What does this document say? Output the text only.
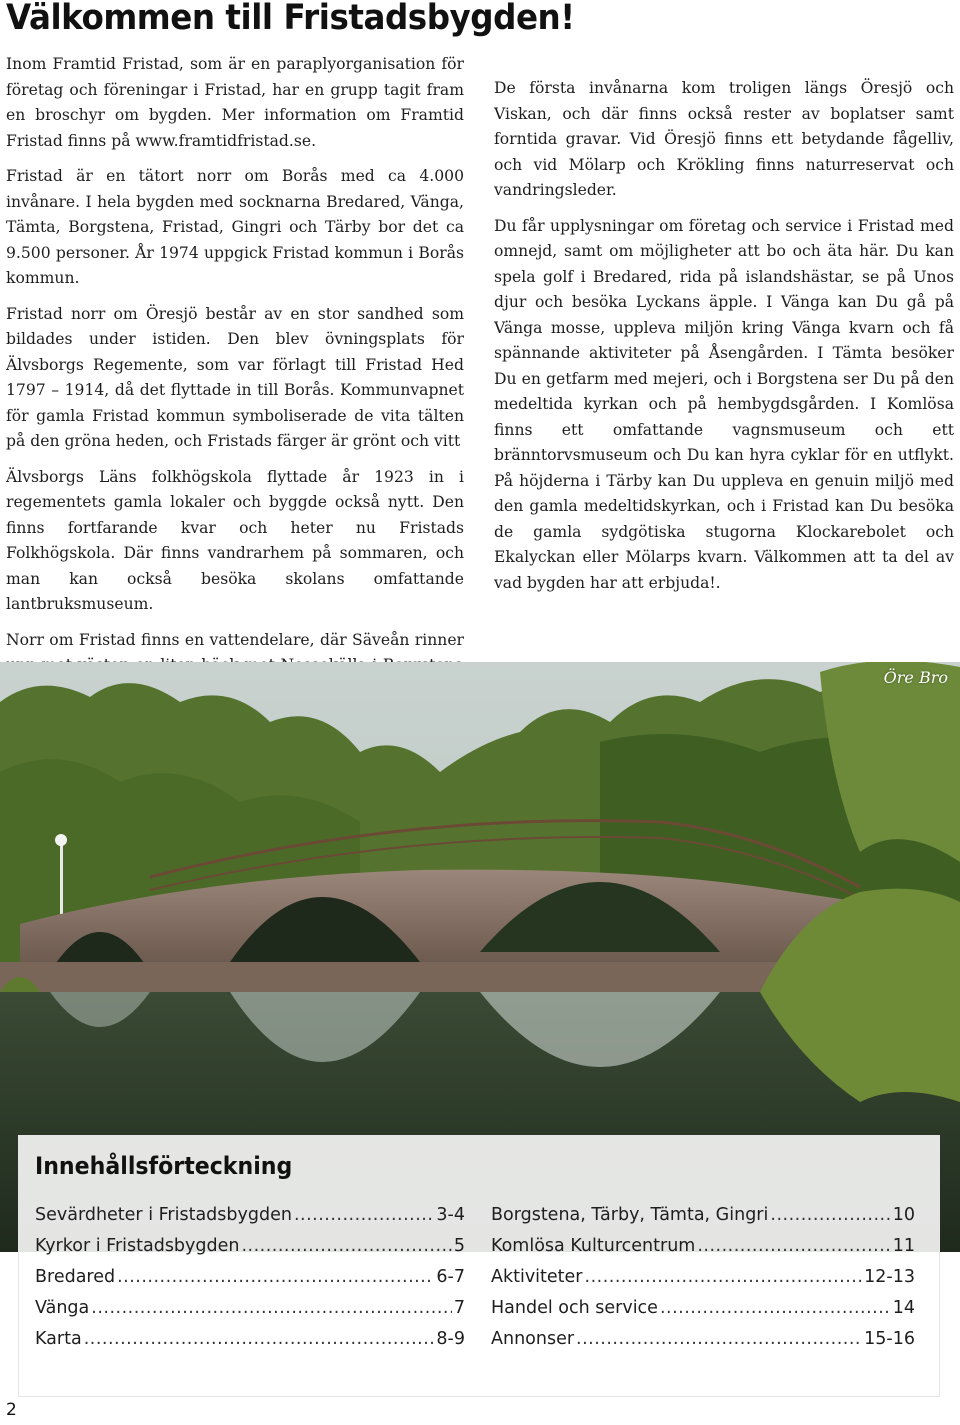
Välkommen till Fristadsbygden!

Inom Framtid Fristad, som är en paraplyorganisation för företag och föreningar i Fristad, har en grupp tagit fram en broschyr om bygden. Mer information om Framtid Fristad finns på www.framtidfristad.se.

Fristad är en tätort norr om Borås med ca 4.000 invånare. I hela bygden med socknarna Bredared, Vänga, Tämta, Borgstena, Fristad, Gingri och Tärby bor det ca 9.500 personer. År 1974 uppgick Fristad kommun i Borås kommun.

Fristad norr om Öresjö består av en stor sandhed som bildades under istiden. Den blev övningsplats för Älvsborgs Regemente, som var förlagt till Fristad Hed 1797 – 1914, då det flyttade in till Borås. Kommunvapnet för gamla Fristad kommun symboliserade de vita tälten på den gröna heden, och Fristads färger är grönt och vitt

Älvsborgs Läns folkhögskola flyttade år 1923 in i regementets gamla lokaler och byggde också nytt. Den finns fortfarande kvar och heter nu Fristads Folkhögskola. Där finns vandrarhem på sommaren, och man kan också besöka skolans omfattande lantbruksmuseum.

Norr om Fristad finns en vattendelare, där Säveån rinner

De första invånarna kom troligen längs Öresjö och Viskan, och där finns också rester av boplatser samt forntida gravar. Vid Öresjö finns ett betydande fågelliv, och vid Mölarp och Krökling finns naturreservat och vandringsleder.

Du får upplysningar om företag och service i Fristad med omnejd, samt om möjligheter att bo och äta här. Du kan spela golf i Bredared, rida på islandshästar, se på Unos djur och besöka Lyckans äpple. I Vänga kan Du gå på Vänga mosse, uppleva miljön kring Vänga kvarn och få spännande aktiviteter på Åsengården. I Tämta besöker Du en getfarm med mejeri, och i Borgstena ser Du på den medeltida kyrkan och på hembygdsgården. I Komlösa finns ett omfattande vagnsmuseum och ett bränntorvsmuseum och Du kan hyra cyklar för en utflykt. På höjderna i Tärby kan Du uppleva en genuin miljö med den gamla medeltidskyrkan, och i Fristad kan Du besöka de gamla sydgötiska stugorna Klockarebolet och Ekalyckan eller Mölarps kvarn. Välkommen att ta del av vad bygden har att erbjuda!.

Öre Bro
Innehållsförteckning
Sevärdheter i Fristadsbygden .....	3-4
Kyrkor i Fristadsbygden .....	5
Bredared .....	6-7
Vänga .....	7
Karta .....	8-9
Borgstena, Tärby, Tämta, Gingri .....	10
Komlösa Kulturcentrum .....	11
Aktiviteter .....	12-13
Handel och service .....	14
Annonser .....	15-16
2
